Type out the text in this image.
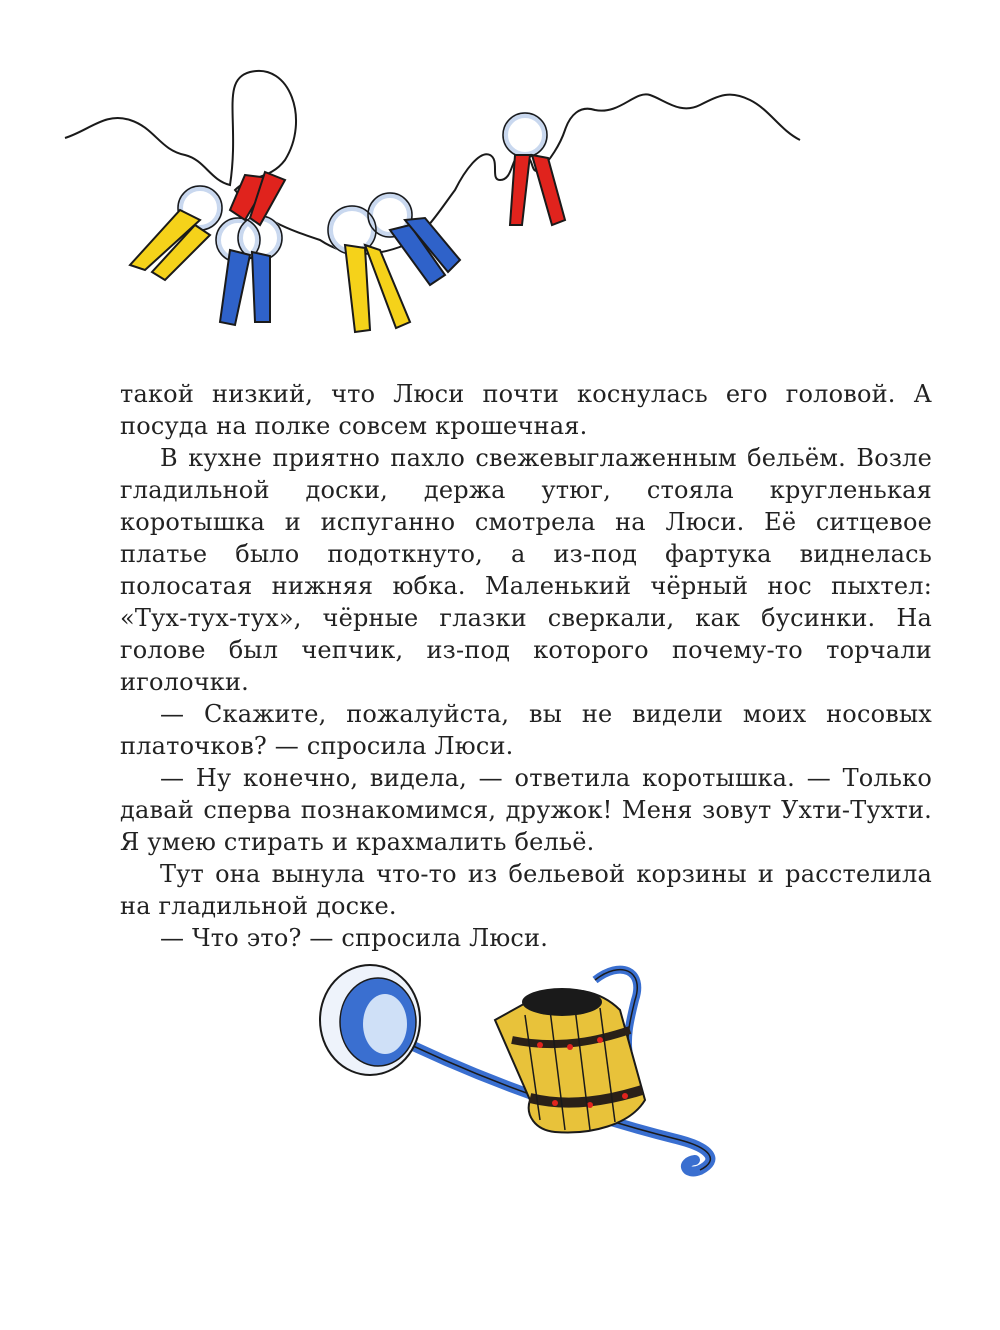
такой низкий, что Люси почти коснулась его головой. А посуда на полке совсем крошечная.

В кухне приятно пахло свежевыглаженным бельём. Возле гладильной доски, держа утюг, стояла кругленькая коротышка и испуганно смотрела на Люси. Её ситцевое платье было подоткнуто, а из-под фартука виднелась полосатая нижняя юбка. Маленький чёрный нос пыхтел: «Тух-тух-тух», чёрные глазки сверкали, как бусинки. На голове был чепчик, из-под которого почему-то торчали иголочки.

— Скажите, пожалуйста, вы не видели моих носовых платочков? — спросила Люси.

— Ну конечно, видела, — ответила коротышка. — Только давай сперва познакомимся, дружок! Меня зовут Ухти-Тухти. Я умею стирать и крахмалить бельё.

Тут она вынула что-то из бельевой корзины и расстелила на гладильной доске.

— Что это? — спросила Люси.
